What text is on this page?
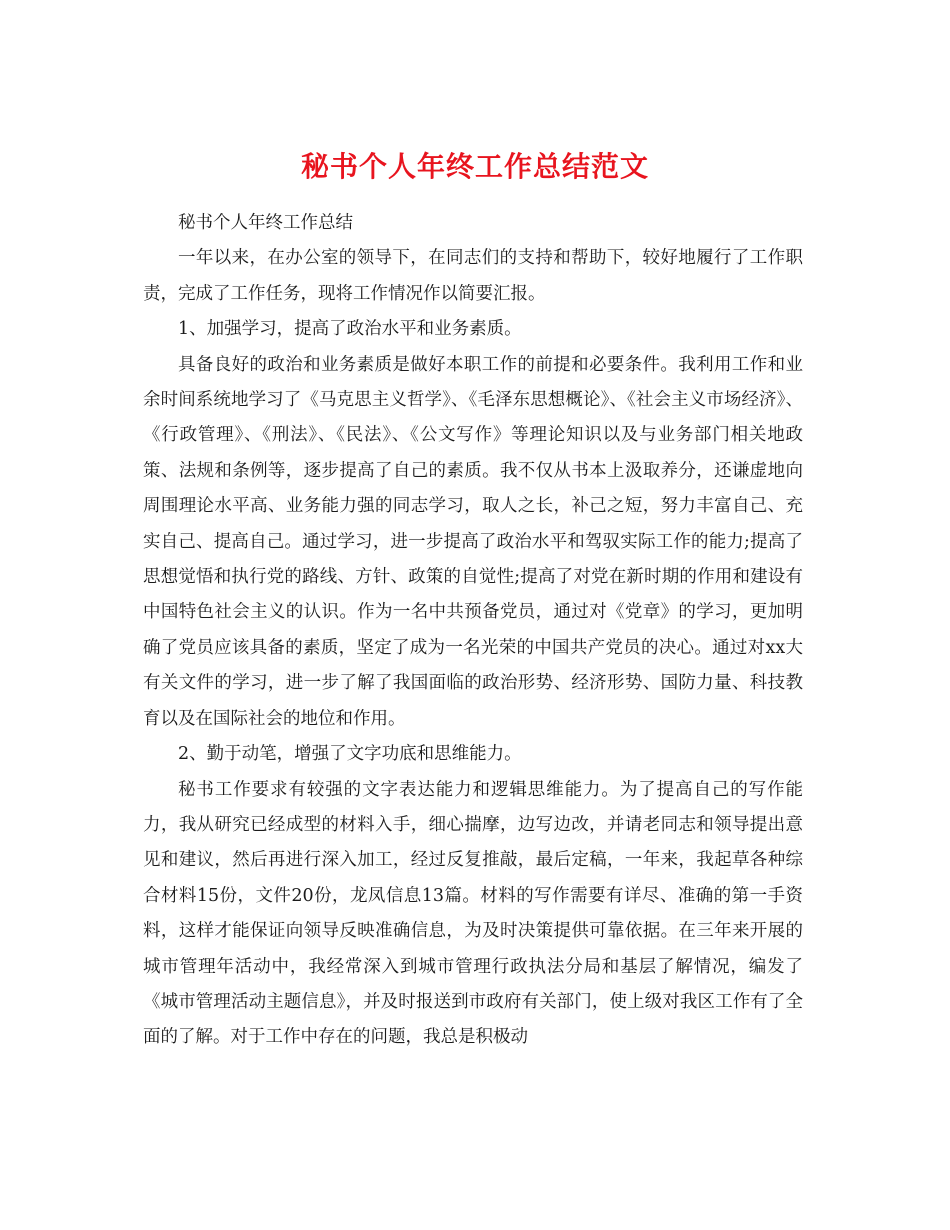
秘书个人年终工作总结范文

秘书个人年终工作总结

一年以来，在办公室的领导下，在同志们的支持和帮助下，较好地履行了工作职责，完成了工作任务，现将工作情况作以简要汇报。

1、加强学习，提高了政治水平和业务素质。

具备良好的政治和业务素质是做好本职工作的前提和必要条件。我利用工作和业余时间系统地学习了《马克思主义哲学》、《毛泽东思想概论》、《社会主义市场经济》、《行政管理》、《刑法》、《民法》、《公文写作》等理论知识以及与业务部门相关地政策、法规和条例等，逐步提高了自己的素质。我不仅从书本上汲取养分，还谦虚地向周围理论水平高、业务能力强的同志学习，取人之长，补己之短，努力丰富自己、充实自己、提高自己。通过学习，进一步提高了政治水平和驾驭实际工作的能力;提高了思想觉悟和执行党的路线、方针、政策的自觉性;提高了对党在新时期的作用和建设有中国特色社会主义的认识。作为一名中共预备党员，通过对《党章》的学习，更加明确了党员应该具备的素质，坚定了成为一名光荣的中国共产党员的决心。通过对xx大有关文件的学习，进一步了解了我国面临的政治形势、经济形势、国防力量、科技教育以及在国际社会的地位和作用。

2、勤于动笔，增强了文字功底和思维能力。

秘书工作要求有较强的文字表达能力和逻辑思维能力。为了提高自己的写作能力，我从研究已经成型的材料入手，细心揣摩，边写边改，并请老同志和领导提出意见和建议，然后再进行深入加工，经过反复推敲，最后定稿，一年来，我起草各种综合材料15份，文件20份，龙凤信息13篇。材料的写作需要有详尽、准确的第一手资料，这样才能保证向领导反映准确信息，为及时决策提供可靠依据。在三年来开展的城市管理年活动中，我经常深入到城市管理行政执法分局和基层了解情况，编发了《城市管理活动主题信息》，并及时报送到市政府有关部门，使上级对我区工作有了全面的了解。对于工作中存在的问题，我总是积极动
